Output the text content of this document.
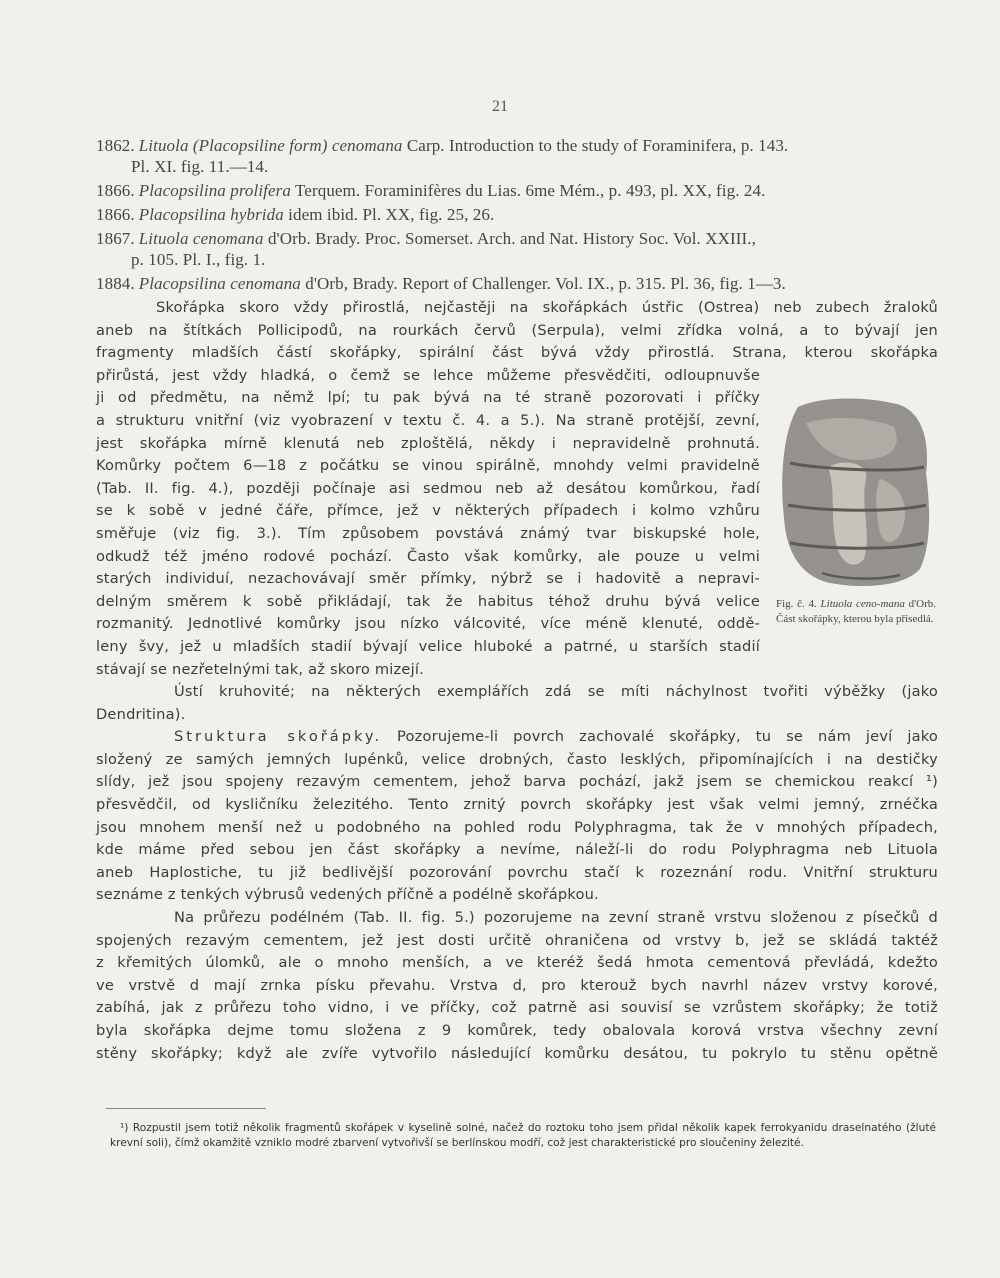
21
1862. Lituola (Placopsiline form) cenomana Carp. Introduction to the study of Foraminifera, p. 143.
Pl. XI. fig. 11.—14.
1866. Placopsilina prolifera Terquem. Foraminifères du Lias. 6me Mém., p. 493, pl. XX, fig. 24.
1866. Placopsilina hybrida idem ibid. Pl. XX, fig. 25, 26.
1867. Lituola cenomana d'Orb. Brady. Proc. Somerset. Arch. and Nat. History Soc. Vol. XXIII.,
p. 105. Pl. I., fig. 1.
1884. Placopsilina cenomana d'Orb, Brady. Report of Challenger. Vol. IX., p. 315. Pl. 36, fig. 1—3.
Skořápka skoro vždy přirostlá, nejčastěji na skořápkách ústřic (Ostrea) neb zubech žraloků
aneb na štítkách Pollicipodů, na rourkách červů (Serpula), velmi zřídka volná, a to bývají jen
fragmenty mladších částí skořápky, spirální část bývá vždy přirostlá. Strana, kterou skořápka
přirůstá, jest vždy hladká, o čemž se lehce můžeme přesvědčiti, odloupnuvše
ji od předmětu, na němž lpí; tu pak bývá na té straně pozorovati i příčky
a strukturu vnitřní (viz vyobrazení v textu č. 4. a 5.). Na straně protější, zevní,
jest skořápka mírně klenutá neb zploštělá, někdy i nepravidelně prohnutá.
Komůrky počtem 6—18 z počátku se vinou spirálně, mnohdy velmi pravidelně
(Tab. II. fig. 4.), později počínaje asi sedmou neb až desátou komůrkou, řadí
se k sobě v jedné čáře, přímce, jež v některých případech i kolmo vzhůru
směřuje (viz fig. 3.). Tím způsobem povstává známý tvar biskupské hole,
odkudž též jméno rodové pochází. Často však komůrky, ale pouze u velmi
starých individuí, nezachovávají směr přímky, nýbrž se i hadovitě a nepravi-
delným směrem k sobě přikládají, tak že habitus téhož druhu bývá velice
rozmanitý. Jednotlivé komůrky jsou nízko válcovité, více méně klenuté, oddě-
leny švy, jež u mladších stadií bývají velice hluboké a patrné, u starších stadií
stávají se nezřetelnými tak, až skoro mizejí.
Ústí kruhovité; na některých exemplářích zdá se míti náchylnost tvořiti výběžky (jako
Dendritina).
Struktura skořápky. Pozorujeme-li povrch zachovalé skořápky, tu se nám jeví jako
složený ze samých jemných lupénků, velice drobných, často lesklých, připomínajících i na destičky
slídy, jež jsou spojeny rezavým cementem, jehož barva pochází, jakž jsem se chemickou reakcí ¹)
přesvědčil, od kysličníku železitého. Tento zrnitý povrch skořápky jest však velmi jemný, zrnéčka
jsou mnohem menší než u podobného na pohled rodu Polyphragma, tak že v mnohých případech,
kde máme před sebou jen část skořápky a nevíme, náleží-li do rodu Polyphragma neb Lituola
aneb Haplostiche, tu již bedlivější pozorování povrchu stačí k rozeznání rodu. Vnitřní strukturu
seznáme z tenkých výbrusů vedených příčně a podélně skořápkou.
Na průřezu podélném (Tab. II. fig. 5.) pozorujeme na zevní straně vrstvu složenou z písečků d
spojených rezavým cementem, jež jest dosti určitě ohraničena od vrstvy b, jež se skládá taktéž
z křemitých úlomků, ale o mnoho menších, a ve kteréž šedá hmota cementová převládá, kdežto
ve vrstvě d mají zrnka písku převahu. Vrstva d, pro kterouž bych navrhl název vrstvy korové,
zabíhá, jak z průřezu toho vidno, i ve příčky, což patrně asi souvisí se vzrůstem skořápky; že totiž
byla skořápka dejme tomu složena z 9 komůrek, tedy obalovala korová vrstva všechny zevní
stěny skořápky; když ale zvíře vytvořilo následující komůrku desátou, tu pokrylo tu stěnu opětně
Fig. č. 4. Lituola ceno-mana d'Orb. Část skořápky, kterou byla přisedlá.
¹) Rozpustil jsem totiž několik fragmentů skořápek v kyselině solné, načež do roztoku toho jsem přidal několik kapek ferrokyanidu draselnatého (žluté krevní soli), čímž okamžitě vzniklo modré zbarvení vytvořivší se berlínskou modří, což jest charakteristické pro sloučeniny železité.
